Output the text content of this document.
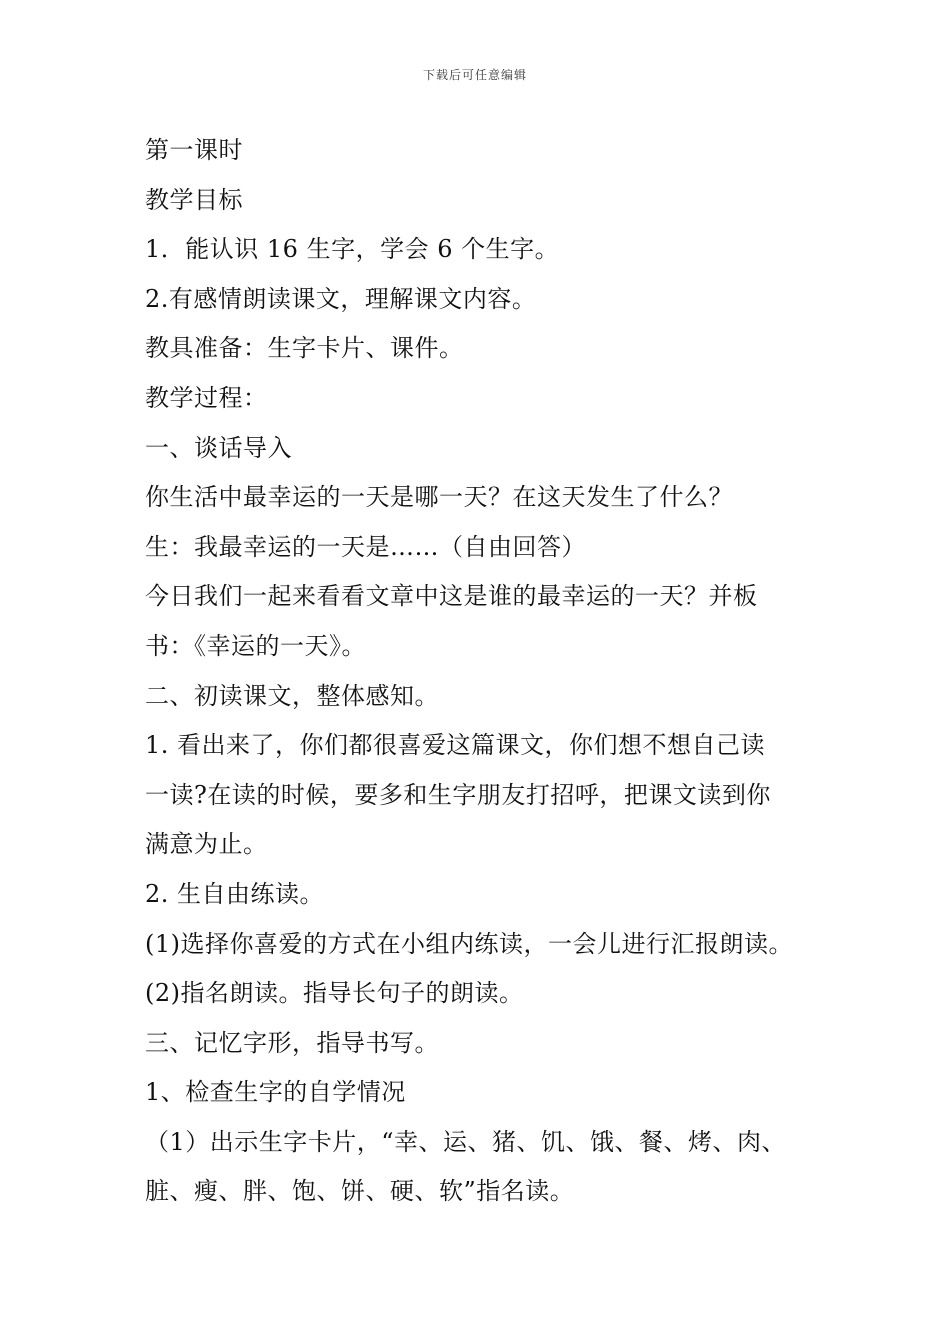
下载后可任意编辑
第一课时
教学目标
1．能认识 16 生字，学会 6 个生字。
2.有感情朗读课文，理解课文内容。
教具准备：生字卡片、课件。
教学过程：
一、谈话导入
你生活中最幸运的一天是哪一天？在这天发生了什么？
生：我最幸运的一天是……（自由回答）
今日我们一起来看看文章中这是谁的最幸运的一天？并板
书：《幸运的一天》。
二、初读课文，整体感知。
1. 看出来了，你们都很喜爱这篇课文，你们想不想自己读
一读?在读的时候，要多和生字朋友打招呼，把课文读到你
满意为止。
2. 生自由练读。
(1)选择你喜爱的方式在小组内练读，一会儿进行汇报朗读。
(2)指名朗读。指导长句子的朗读。
三、记忆字形，指导书写。
1、检查生字的自学情况
（1）出示生字卡片，“幸、运、猪、饥、饿、餐、烤、肉、
脏、瘦、胖、饱、饼、硬、软”指名读。
